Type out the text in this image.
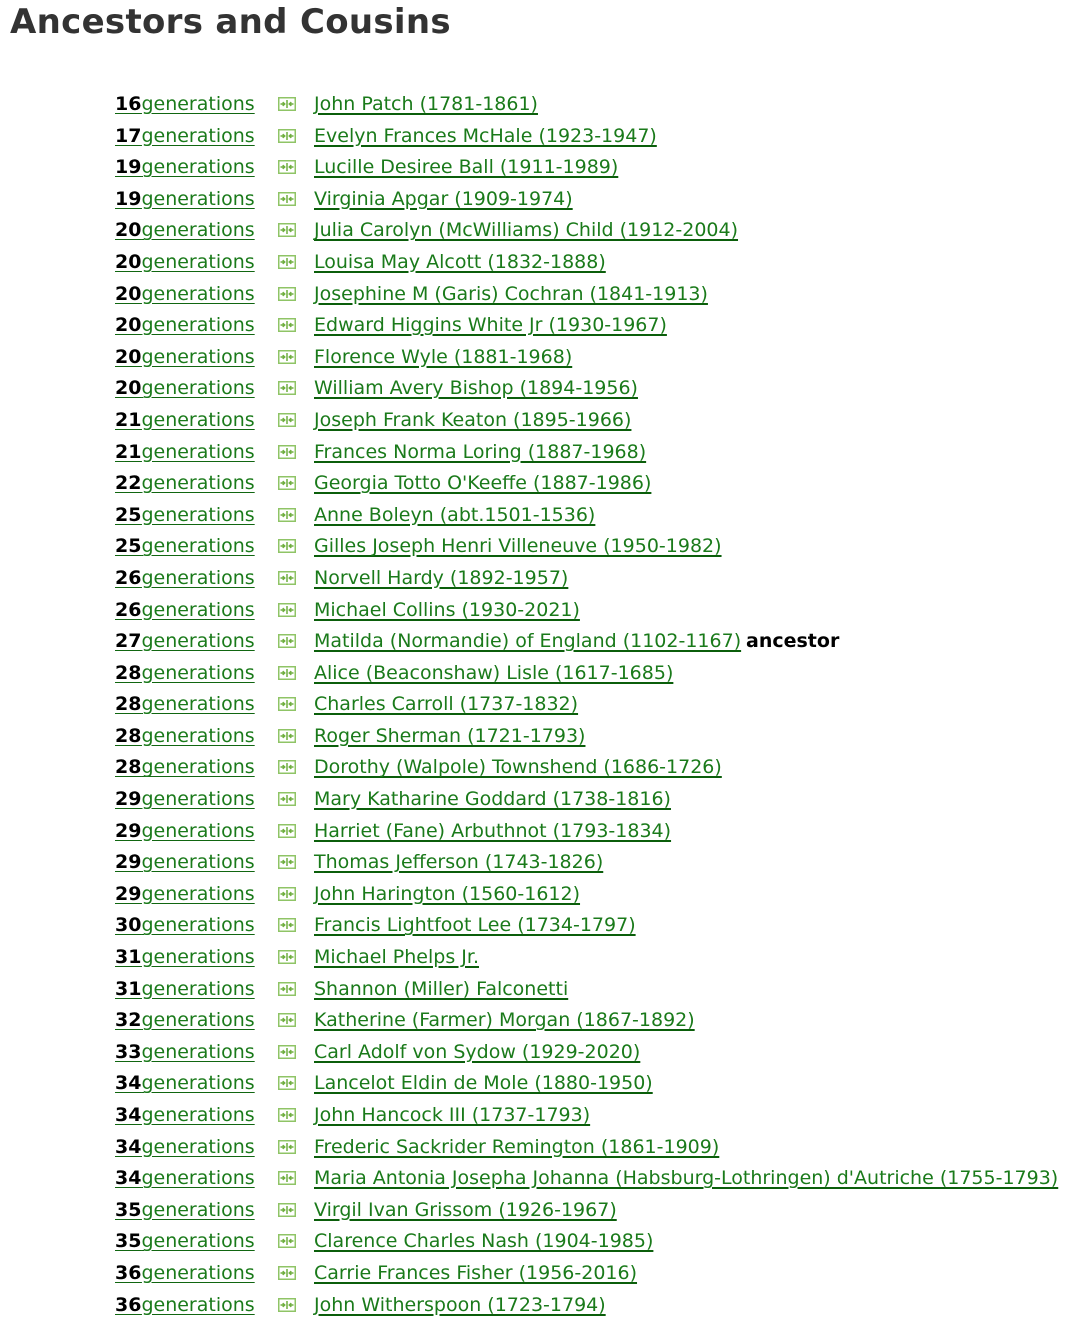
Ancestors and Cousins
16generations	John Patch (1781-1861)
17generations	Evelyn Frances McHale (1923-1947)
19generations	Lucille Desiree Ball (1911-1989)
19generations	Virginia Apgar (1909-1974)
20generations	Julia Carolyn (McWilliams) Child (1912-2004)
20generations	Louisa May Alcott (1832-1888)
20generations	Josephine M (Garis) Cochran (1841-1913)
20generations	Edward Higgins White Jr (1930-1967)
20generations	Florence Wyle (1881-1968)
20generations	William Avery Bishop (1894-1956)
21generations	Joseph Frank Keaton (1895-1966)
21generations	Frances Norma Loring (1887-1968)
22generations	Georgia Totto O'Keeffe (1887-1986)
25generations	Anne Boleyn (abt.1501-1536)
25generations	Gilles Joseph Henri Villeneuve (1950-1982)
26generations	Norvell Hardy (1892-1957)
26generations	Michael Collins (1930-2021)
27generations	Matilda (Normandie) of England (1102-1167) ancestor
28generations	Alice (Beaconshaw) Lisle (1617-1685)
28generations	Charles Carroll (1737-1832)
28generations	Roger Sherman (1721-1793)
28generations	Dorothy (Walpole) Townshend (1686-1726)
29generations	Mary Katharine Goddard (1738-1816)
29generations	Harriet (Fane) Arbuthnot (1793-1834)
29generations	Thomas Jefferson (1743-1826)
29generations	John Harington (1560-1612)
30generations	Francis Lightfoot Lee (1734-1797)
31generations	Michael Phelps Jr.
31generations	Shannon (Miller) Falconetti
32generations	Katherine (Farmer) Morgan (1867-1892)
33generations	Carl Adolf von Sydow (1929-2020)
34generations	Lancelot Eldin de Mole (1880-1950)
34generations	John Hancock III (1737-1793)
34generations	Frederic Sackrider Remington (1861-1909)
34generations	Maria Antonia Josepha Johanna (Habsburg-Lothringen) d'Autriche (1755-1793)
35generations	Virgil Ivan Grissom (1926-1967)
35generations	Clarence Charles Nash (1904-1985)
36generations	Carrie Frances Fisher (1956-2016)
36generations	John Witherspoon (1723-1794)
